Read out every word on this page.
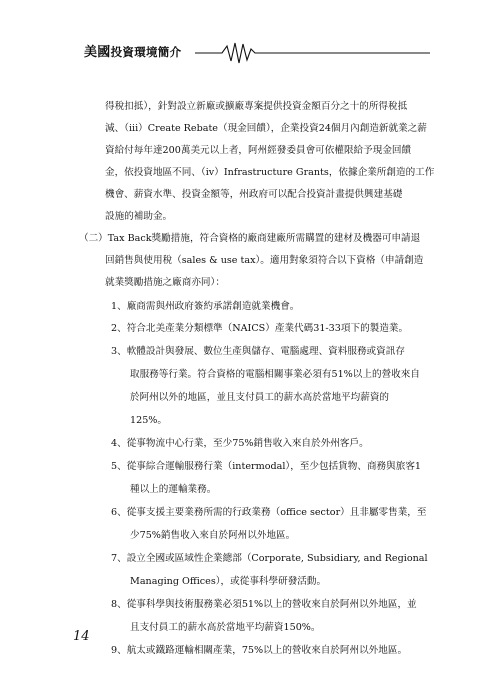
美國投資環境簡介
得稅扣抵），針對設立新廠或擴廠專案提供投資金額百分之十的所得稅抵
減、（iii）Create Rebate（現金回饋），企業投資24個月內創造新就業之薪
資給付每年達200萬美元以上者，阿州經發委員會可依權限給予現金回饋
金，依投資地區不同、（iv）Infrastructure Grants，依據企業所創造的工作
機會、薪資水準、投資金額等，州政府可以配合投資計畫提供興建基礎
設施的補助金。
（二）Tax Back獎勵措施，符合資格的廠商建廠所需購置的建材及機器可申請退
回銷售與使用稅（sales & use tax）。適用對象須符合以下資格（申請創造
就業獎勵措施之廠商亦同）：
1、廠商需與州政府簽約承諾創造就業機會。
2、符合北美產業分類標準（NAICS）產業代碼31-33項下的製造業。
3、軟體設計與發展、數位生產與儲存、電腦處理、資料服務或資訊存
取服務等行業。符合資格的電腦相關事業必須有51%以上的營收來自
於阿州以外的地區，並且支付員工的薪水高於當地平均薪資的
125%。
4、從事物流中心行業，至少75%銷售收入來自於外州客戶。
5、從事綜合運輸服務行業（intermodal），至少包括貨物、商務與旅客1
種以上的運輸業務。
6、從事支援主要業務所需的行政業務（office sector）且非屬零售業，至
少75%銷售收入來自於阿州以外地區。
7、設立全國或區域性企業總部（Corporate, Subsidiary, and Regional
Managing Offices），或從事科學研發活動。
8、從事科學與技術服務業必須51%以上的營收來自於阿州以外地區，並
且支付員工的薪水高於當地平均薪資150%。
9、航太或鐵路運輸相關產業，75%以上的營收來自於阿州以外地區。
14
